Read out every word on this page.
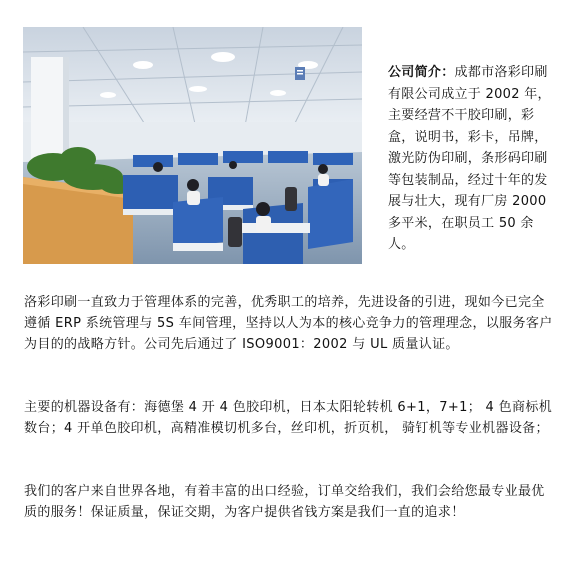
公司简介：成都市洛彩印刷有限公司成立于 2002 年，主要经营不干胶印刷，彩盒，说明书，彩卡，吊牌，激光防伪印刷，条形码印刷等包装制品，经过十年的发展与壮大，现有厂房 2000 多平米，在职员工 50 余人。

洛彩印刷一直致力于管理体系的完善，优秀职工的培养，先进设备的引进，现如今已完全遵循 ERP 系统管理与 5S 车间管理，坚持以人为本的核心竞争力的管理理念，以服务客户为目的的战略方针。公司先后通过了 ISO9001：2002 与 UL 质量认证。

主要的机器设备有：海德堡 4 开 4 色胶印机，日本太阳轮转机 6+1，7+1； 4 色商标机数台；4 开单色胶印机，高精准模切机多台，丝印机，折页机， 骑钉机等专业机器设备；

我们的客户来自世界各地，有着丰富的出口经验，订单交给我们，我们会给您最专业最优质的服务！保证质量，保证交期，为客户提供省钱方案是我们一直的追求！
